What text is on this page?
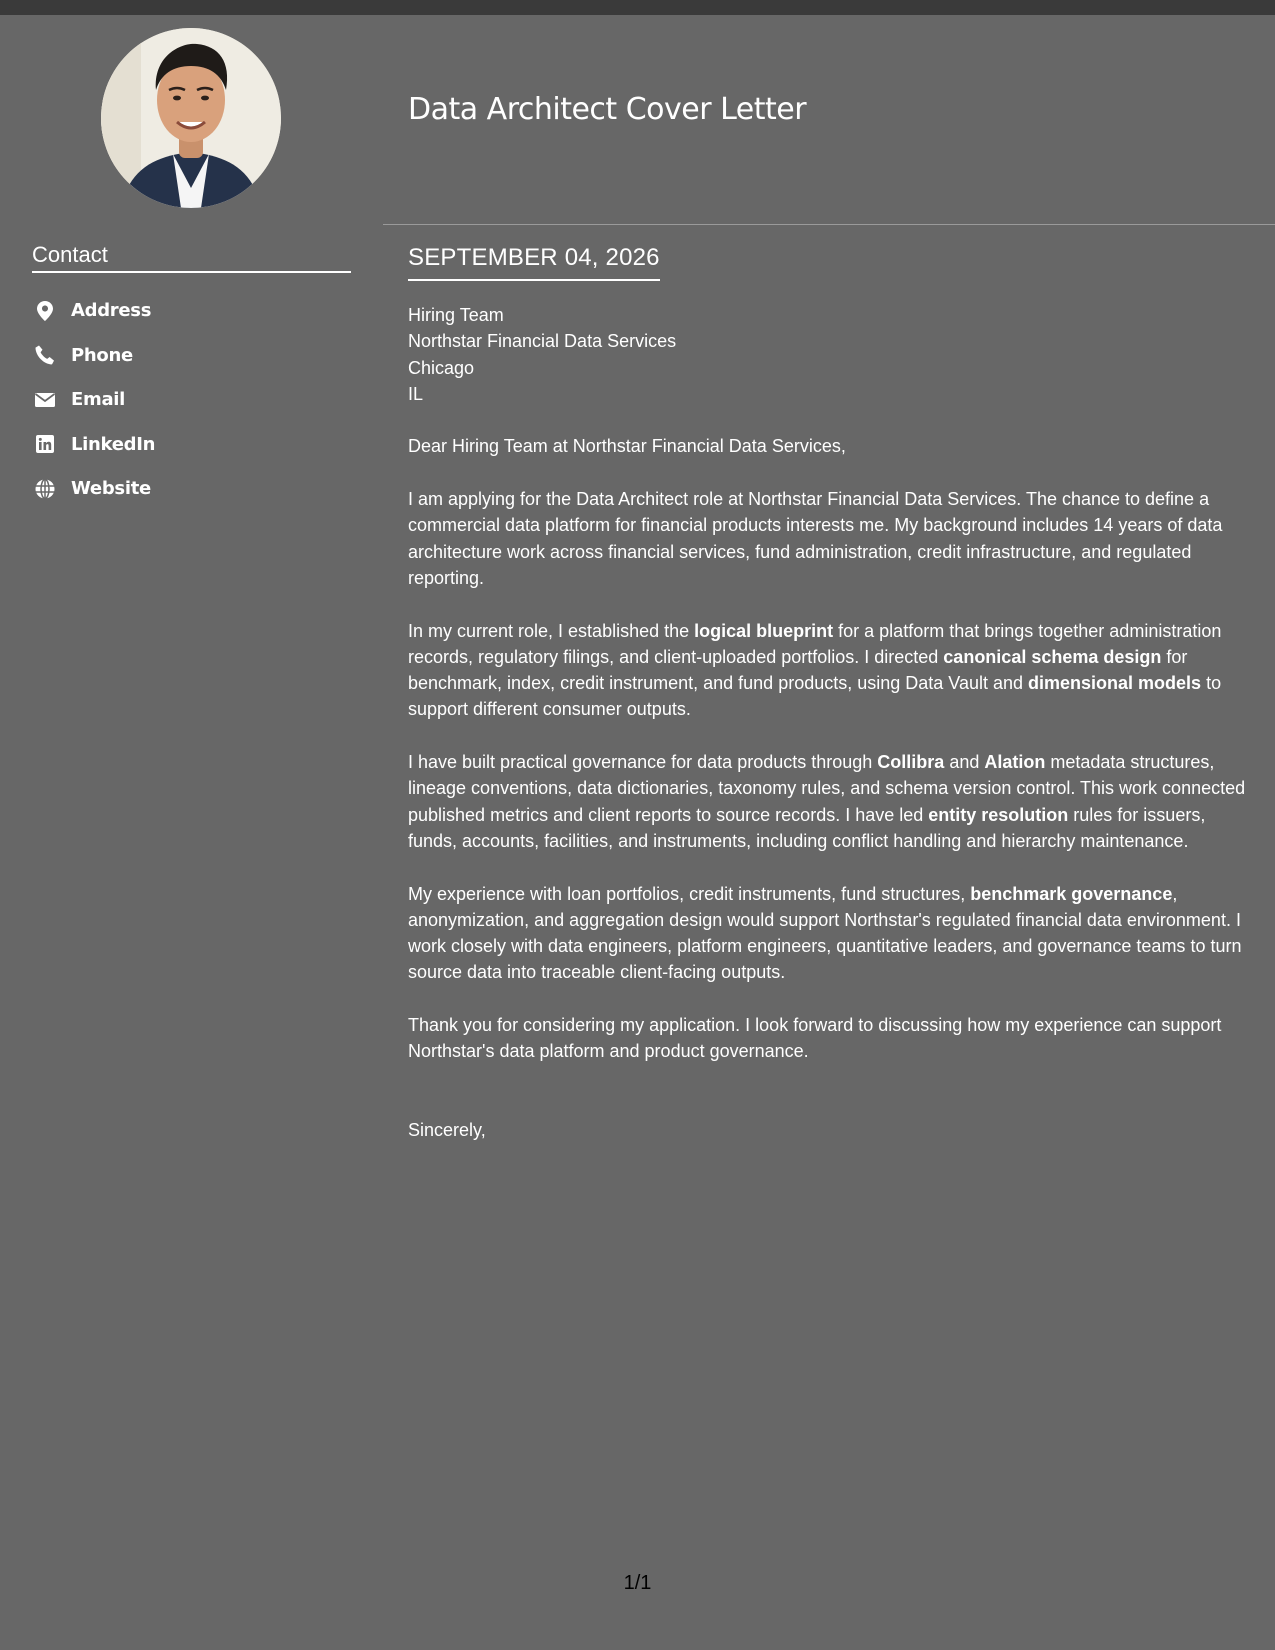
Contact
Address
Phone
Email
LinkedIn
Website
Data Architect Cover Letter
SEPTEMBER 04, 2026

Hiring Team
Northstar Financial Data Services
Chicago
IL

Dear Hiring Team at Northstar Financial Data Services,

I am applying for the Data Architect role at Northstar Financial Data Services. The chance to define a commercial data platform for financial products interests me. My background includes 14 years of data architecture work across financial services, fund administration, credit infrastructure, and regulated reporting.

In my current role, I established the logical blueprint for a platform that brings together administration records, regulatory filings, and client-uploaded portfolios. I directed canonical schema design for benchmark, index, credit instrument, and fund products, using Data Vault and dimensional models to support different consumer outputs.

I have built practical governance for data products through Collibra and Alation metadata structures, lineage conventions, data dictionaries, taxonomy rules, and schema version control. This work connected published metrics and client reports to source records. I have led entity resolution rules for issuers, funds, accounts, facilities, and instruments, including conflict handling and hierarchy maintenance.

My experience with loan portfolios, credit instruments, fund structures, benchmark governance, anonymization, and aggregation design would support Northstar's regulated financial data environment. I work closely with data engineers, platform engineers, quantitative leaders, and governance teams to turn source data into traceable client-facing outputs.

Thank you for considering my application. I look forward to discussing how my experience can support Northstar's data platform and product governance.

Sincerely,

1/1
